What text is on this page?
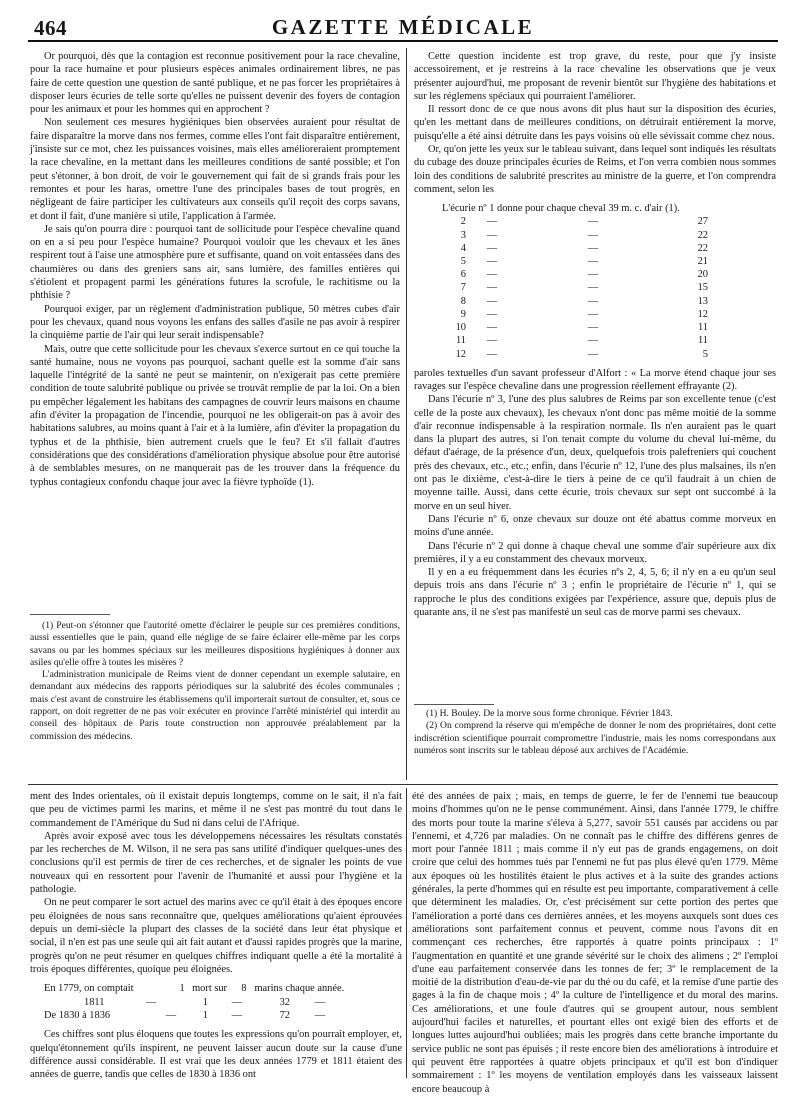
464	GAZETTE MÉDICALE

Or pourquoi, dès que la contagion est reconnue positivement pour la race chevaline, pour la race humaine et pour plusieurs espèces animales ordinairement libres, ne pas faire de cette question une question de santé publique, et ne pas forcer les propriétaires à disposer leurs écuries de telle sorte qu'elles ne puissent devenir des foyers de contagion pour les animaux et pour les hommes qui en approchent ?

Non seulement ces mesures hygiéniques bien observées auraient pour résultat de faire disparaître la morve dans nos fermes, comme elles l'ont fait disparaître entièrement, j'insiste sur ce mot, chez les puissances voisines, mais elles amélioreraient promptement la race chevaline, en la mettant dans les meilleures conditions de santé possible; et l'on peut s'étonner, à bon droit, de voir le gouvernement qui fait de si grands frais pour les remontes et pour les haras, omettre l'une des principales bases de tout progrès, en négligeant de faire participer les cultivateurs aux conseils qu'il reçoit des corps savans, et dont il fait, d'une manière si utile, l'application à l'armée.

Je sais qu'on pourra dire : pourquoi tant de sollicitude pour l'espèce chevaline quand on en a si peu pour l'espèce humaine? Pourquoi vouloir que les chevaux et les ânes respirent tout à l'aise une atmosphère pure et suffisante, quand on voit entassées dans des chaumières ou dans des greniers sans air, sans lumière, des familles entières qui s'étiolent et propagent parmi les générations futures la scrofule, le rachitisme ou la phthisie ?

Pourquoi exiger, par un règlement d'administration publique, 50 mètres cubes d'air pour les chevaux, quand nous voyons les enfans des salles d'asile ne pas avoir à respirer la cinquième partie de l'air qui leur serait indispensable?

Mais, outre que cette sollicitude pour les chevaux s'exerce surtout en ce qui touche la santé humaine, nous ne voyons pas pourquoi, sachant quelle est la somme d'air sans laquelle l'intégrité de la santé ne peut se maintenir, on n'exigerait pas cette première condition de toute salubrité publique ou privée se trouvât remplie de par la loi. On a bien pu empêcher légalement les habitans des campagnes de couvrir leurs maisons en chaume afin d'éviter la propagation de l'incendie, pourquoi ne les obligerait-on pas à avoir des habitations salubres, au moins quant à l'air et à la lumière, afin d'éviter la propagation du typhus et de la phthisie, bien autrement cruels que le feu? Et s'il fallait d'autres considérations que des considérations d'amélioration physique absolue pour être autorisé à de semblables mesures, on ne manquerait pas de les trouver dans la fréquence du typhus contagieux confondu chaque jour avec la fièvre typhoïde (1).

(1) Peut-on s'étonner que l'autorité omette d'éclairer le peuple sur ces premières conditions, aussi essentielles que le pain, quand elle néglige de se faire éclairer elle-même par les corps savans ou par les hommes spéciaux sur les meilleures dispositions hygiéniques à donner aux asiles qu'elle offre à toutes les misères ?

L'administration municipale de Reims vient de donner cependant un exemple salutaire, en demandant aux médecins des rapports périodiques sur la salubrité des écoles communales ; mais c'est avant de construire les établissemens qu'il importerait surtout de consulter, et, sous ce rapport, on doit regretter de ne pas voir exécuter en province l'arrêté ministériel qui interdit au conseil des hôpitaux de Paris toute construction non approuvée préalablement par la commission des médecins.

Cette question incidente est trop grave, du reste, pour que j'y insiste accessoirement, et je restreins à la race chevaline les observations que je veux présenter aujourd'hui, me proposant de revenir bientôt sur l'hygiène des habitations et sur les réglemens spéciaux qui pourraient l'améliorer.

Il ressort donc de ce que nous avons dit plus haut sur la disposition des écuries, qu'en les mettant dans de meilleures conditions, on détruirait entièrement la morve, puisqu'elle a été ainsi détruite dans les pays voisins où elle sévissait comme chez nous.

Or, qu'on jette les yeux sur le tableau suivant, dans lequel sont indiqués les résultats du cubage des douze principales écuries de Reims, et l'on verra combien nous sommes loin des conditions de salubrité prescrites au ministre de la guerre, et l'on comprendra comment, selon les

L'écurie nº 1 donne pour chaque cheval 39 m. c. d'air (1).
2	—	—	27
3	—	—	22
4	—	—	22
5	—	—	21
6	—	—	20
7	—	—	15
8	—	—	13
9	—	—	12
10	—	—	11
11	—	—	11
12	—	—	5

paroles textuelles d'un savant professeur d'Alfort : « La morve étend chaque jour ses ravages sur l'espèce chevaline dans une progression réellement effrayante (2).

Dans l'écurie nº 3, l'une des plus salubres de Reims par son excellente tenue (c'est celle de la poste aux chevaux), les chevaux n'ont donc pas même moitié de la somme d'air reconnue indispensable à la respiration normale. Ils n'en auraient pas le quart dans la plupart des autres, si l'on tenait compte du volume du cheval lui-même, du défaut d'aérage, de la présence d'un, deux, quelquefois trois palefreniers qui couchent près des chevaux, etc., etc.; enfin, dans l'écurie nº 12, l'une des plus malsaines, ils n'en ont pas le dixième, c'est-à-dire le tiers à peine de ce qu'il faudrait à un chien de moyenne taille. Aussi, dans cette écurie, trois chevaux sur sept ont succombé à la morve en un seul hiver.

Dans l'écurie nº 6, onze chevaux sur douze ont été abattus comme morveux en moins d'une année.

Dans l'écurie nº 2 qui donne à chaque cheval une somme d'air supérieure aux dix premières, il y a eu constamment des chevaux morveux.

Il y en a eu fréquemment dans les écuries nºs 2, 4, 5, 6; il n'y en a eu qu'un seul depuis trois ans dans l'écurie nº 3 ; enfin le propriétaire de l'écurie nº 1, qui se rapproche le plus des conditions exigées par l'expérience, assure que, depuis plus de quarante ans, il ne s'est pas manifesté un seul cas de morve parmi ses chevaux.

(1) H. Bouley. De la morve sous forme chronique. Février 1843.

(2) On comprend la réserve qui m'empêche de donner le nom des propriétaires, dont cette indiscrétion scientifique pourrait compromettre l'industrie, mais les noms correspondans aux numéros sont inscrits sur le tableau déposé aux archives de l'Académie.

ment des Indes orientales, où il existait depuis longtemps, comme on le sait, il n'a fait que peu de victimes parmi les marins, et même il ne s'est pas montré du tout dans le commandement de l'Amérique du Sud ni dans celui de l'Afrique.

Après avoir exposé avec tous les développemens nécessaires les résultats constatés par les recherches de M. Wilson, il ne sera pas sans utilité d'indiquer quelques-unes des conclusions qu'il est permis de tirer de ces recherches, et de signaler les points de vue nouveaux qui en ressortent pour l'avenir de l'humanité et aussi pour l'hygiène et la pathologie.

On ne peut comparer le sort actuel des marins avec ce qu'il était à des époques encore peu éloignées de nous sans reconnaître que, quelques améliorations qu'aient éprouvées depuis un demi-siècle la plupart des classes de la société dans leur état physique et social, il n'en est pas une seule qui ait fait autant et d'aussi rapides progrès que la marine, progrès qu'on ne peut résumer en quelques chiffres indiquant quelle a été la mortalité à trois époques différentes, quoique peu éloignées.

En 1779, on comptait	1 mort sur	8 marins chaque année.
1811	—	1	—	32	—
De 1830 à 1836	—	1	—	72	—

Ces chiffres sont plus éloquens que toutes les expressions qu'on pourrait employer, et, quelqu'étonnement qu'ils inspirent, ne peuvent laisser aucun doute sur la cause d'une différence aussi considérable. Il est vrai que les deux années 1779 et 1811 étaient des années de guerre, tandis que celles de 1830 à 1836 ont

été des années de paix ; mais, en temps de guerre, le fer de l'ennemi tue beaucoup moins d'hommes qu'on ne le pense communément. Ainsi, dans l'année 1779, le chiffre des morts pour toute la marine s'éleva à 5,277, savoir 551 causés par accidens ou par l'ennemi, et 4,726 par maladies. On ne connaît pas le chiffre des différens genres de mort pour l'année 1811 ; mais comme il n'y eut pas de grands engagemens, on doit croire que celui des hommes tués par l'ennemi ne fut pas plus élevé qu'en 1779. Même aux époques où les hostilités étaient le plus actives et à la suite des grandes actions générales, la perte d'hommes qui en résulte est peu importante, comparativement à celle que déterminent les maladies. Or, c'est précisément sur cette portion des pertes que l'amélioration a porté dans ces dernières années, et les moyens auxquels sont dues ces améliorations sont parfaitement connus et peuvent, comme nous l'avons dit en commençant ces recherches, être rapportés à quatre points principaux : 1º l'augmentation en quantité et une grande sévérité sur le choix des alimens ; 2º l'emploi d'une eau parfaitement conservée dans les tonnes de fer; 3º le remplacement de la moitié de la distribution d'eau-de-vie par du thé ou du café, et la remise d'une partie des gages à la fin de chaque mois ; 4º la culture de l'intelligence et du moral des marins. Ces améliorations, et une foule d'autres qui se groupent autour, nous semblent aujourd'hui faciles et naturelles, et pourtant elles ont exigé bien des efforts et de longues luttes aujourd'hui oubliées; mais les progrès dans cette branche importante du service public ne sont pas épuisés ; il reste encore bien des améliorations à introduire et qui peuvent être rapportées à quatre objets principaux et qu'il est bon d'indiquer sommairement : 1º les moyens de ventilation employés dans les vaisseaux laissent encore beaucoup à
